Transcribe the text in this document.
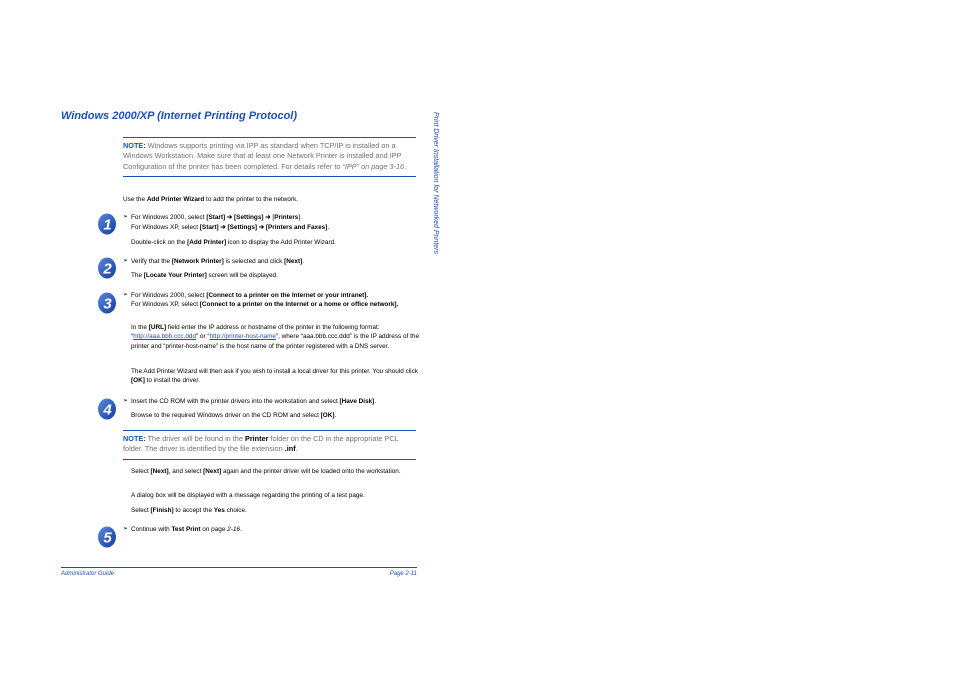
Windows 2000/XP (Internet Printing Protocol)	Print Driver Installation for Networked Printers
NOTE: Windows supports printing via IPP as standard when TCP/IP is installed on a Windows Workstation. Make sure that at least one Network Printer is installed and IPP Configuration of the printer has been completed. For details refer to “IPP” on page 3-16.
Use the Add Printer Wizard to add the printer to the network.
1 ➢ For Windows 2000, select [Start] ➔ [Settings] ➔ [Printers].
For Windows XP, select [Start] ➔ [Settings] ➔ [Printers and Faxes].
Double-click on the [Add Printer] icon to display the Add Printer Wizard.
2 ➢ Verify that the [Network Printer] is selected and click [Next].
The [Locate Your Printer] screen will be displayed.
3
➢ For Windows 2000, select [Connect to a printer on the Internet or your intranet].
For Windows XP, select [Connect to a printer on the Internet or a home or office network].
In the [URL] field enter the IP address or hostname of the printer in the following format: “http://aaa.bbb.ccc.ddd” or “http://printer-host-name”, where “aaa.bbb.ccc.ddd” is the IP address of the printer and “printer-host-name” is the host name of the printer registered with a DNS server.
The Add Printer Wizard will then ask if you wish to install a local driver for this printer. You should click [OK] to install the driver.
4
➢ Insert the CD ROM with the printer drivers into the workstation and select [Have Disk].
Browse to the required Windows driver on the CD ROM and select [OK].
NOTE: The driver will be found in the Printer folder on the CD in the appropriate PCL folder. The driver is identified by the file extension .inf.
Select [Next], and select [Next] again and the printer driver will be loaded onto the workstation.
A dialog box will be displayed with a message regarding the printing of a test page.
Select [Finish] to accept the Yes choice.
5
➢ Continue with Test Print on page 2-16.
Administrator Guide	Page 2-11
